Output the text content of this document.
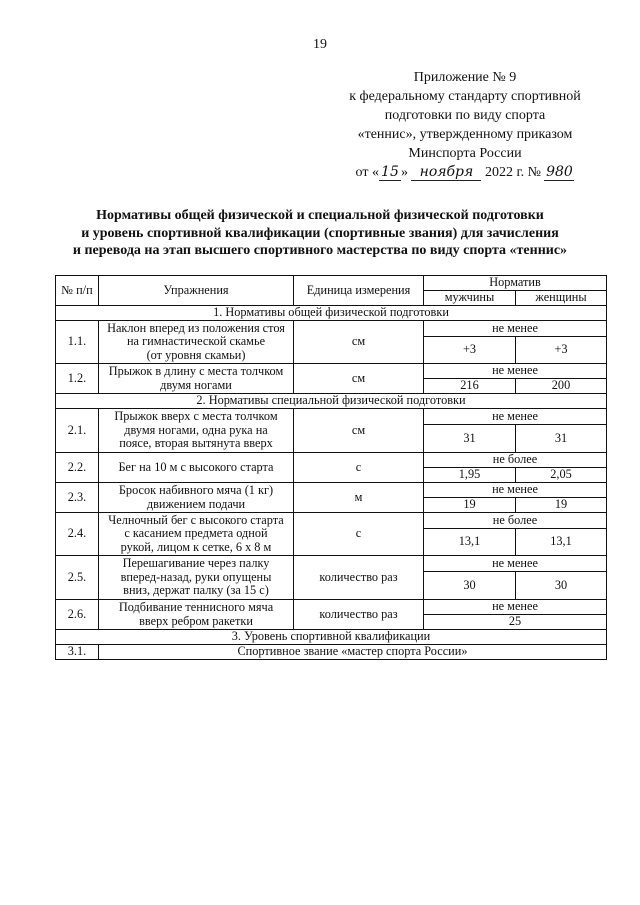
19
Приложение № 9
к федеральному стандарту спортивной
подготовки по виду спорта
«теннис», утвержденному приказом
Минспорта России
от « 15 » ноября 2022 г. № 980
Нормативы общей физической и специальной физической подготовки
и уровень спортивной квалификации (спортивные звания) для зачисления
и перевода на этап высшего спортивного мастерства по виду спорта «теннис»
№ п/п	Упражнения	Единица измерения	Норматив	
			мужчины	женщины
1. Нормативы общей физической подготовки				
1.1.	Наклон вперед из положения стоя
на гимнастической скамье
(от уровня скамьи)	см	не менее	
			+3	+3
1.2.	Прыжок в длину с места толчком
двумя ногами	см	не менее	
			216	200
2. Нормативы специальной физической подготовки				
2.1.	Прыжок вверх с места толчком
двумя ногами, одна рука на
поясе, вторая вытянута вверх	см	не менее	
			31	31
2.2.	Бег на 10 м с высокого старта	с	не более	
			1,95	2,05
2.3.	Бросок набивного мяча (1 кг)
движением подачи	м	не менее	
			19	19
2.4.	Челночный бег с высокого старта
с касанием предмета одной
рукой, лицом к сетке, 6 х 8 м	с	не более	
			13,1	13,1
2.5.	Перешагивание через палку
вперед-назад, руки опущены
вниз, держат палку (за 15 с)	количество раз	не менее	
			30	30
2.6.	Подбивание теннисного мяча
вверх ребром ракетки	количество раз	не менее	
			25	
3. Уровень спортивной квалификации				
3.1.	Спортивное звание «мастер спорта России»			
